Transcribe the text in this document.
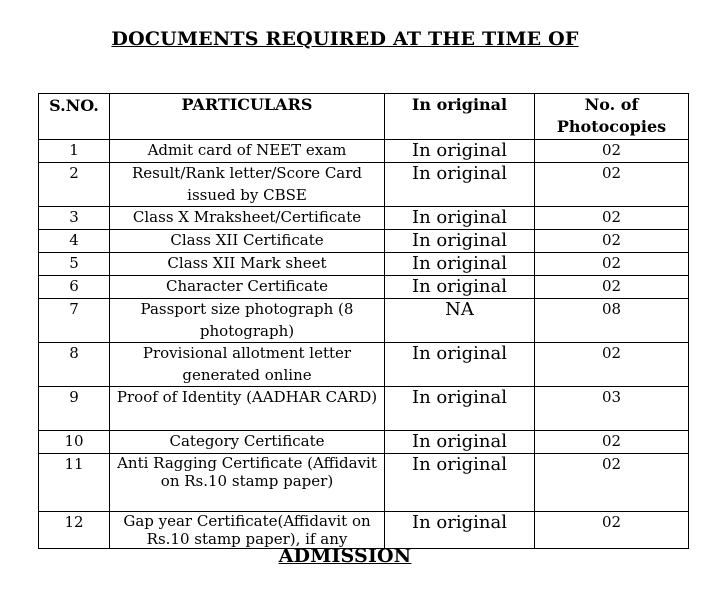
DOCUMENTS REQUIRED AT THE TIME OF
S.NO.	PARTICULARS	In original	No. of Photocopies
1	Admit card of NEET exam	In original	02
2	Result/Rank letter/Score Card issued by CBSE	In original	02
3	Class X Mraksheet/Certificate	In original	02
4	Class XII Certificate	In original	02
5	Class XII Mark sheet	In original	02
6	Character Certificate	In original	02
7	Passport size photograph (8 photograph)	NA	08
8	Provisional allotment letter generated online	In original	02
9	Proof of Identity (AADHAR CARD)	In original	03
10	Category Certificate	In original	02
11	Anti Ragging Certificate (Affidavit on Rs.10 stamp paper)	In original	02
12	Gap year Certificate(Affidavit on Rs.10 stamp paper), if any	In original	02
ADMISSION
